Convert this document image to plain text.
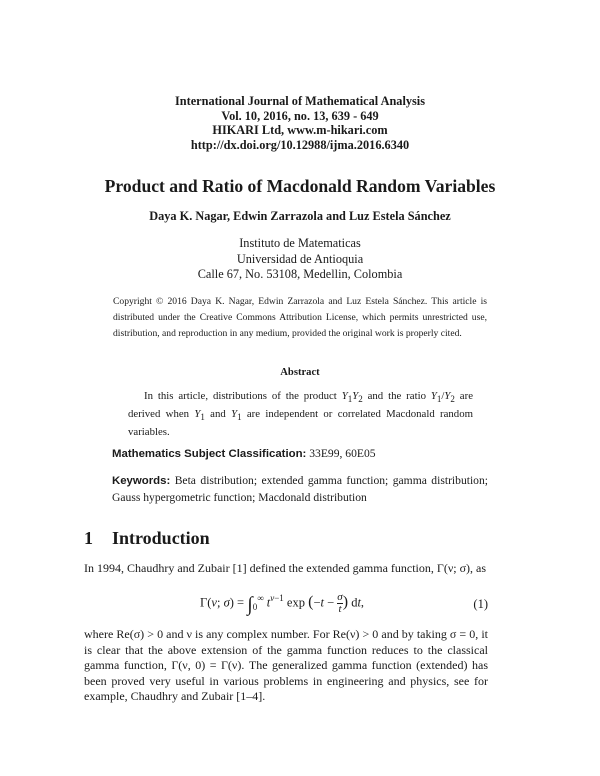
International Journal of Mathematical Analysis
Vol. 10, 2016, no. 13, 639 - 649
HIKARI Ltd, www.m-hikari.com
http://dx.doi.org/10.12988/ijma.2016.6340
Product and Ratio of Macdonald Random Variables
Daya K. Nagar, Edwin Zarrazola and Luz Estela Sánchez
Instituto de Matematicas
Universidad de Antioquia
Calle 67, No. 53108, Medellin, Colombia
Copyright © 2016 Daya K. Nagar, Edwin Zarrazola and Luz Estela Sánchez. This article is distributed under the Creative Commons Attribution License, which permits unrestricted use, distribution, and reproduction in any medium, provided the original work is properly cited.
Abstract
In this article, distributions of the product $Y_1Y_2$ and the ratio $Y_1/Y_2$ are derived when $Y_1$ and $Y_1$ are independent or correlated Macdonald random variables.
Mathematics Subject Classification: 33E99, 60E05
Keywords: Beta distribution; extended gamma function; gamma distribution; Gauss hypergometric function; Macdonald distribution
1 Introduction
In 1994, Chaudhry and Zubair [1] defined the extended gamma function, Γ(ν; σ), as
Γ(ν; $\sigma) = \int_0^\infty$ $t^{\nu-1}$ $\exp (-t - \frac{\sigma}{t}$ ) dt,	(1)
where Re(σ) > 0 and ν is any complex number. For Re(ν) > 0 and by taking σ = 0, it is clear that the above extension of the gamma function reduces to the classical gamma function, Γ(ν, 0) = Γ(ν). The generalized gamma function (extended) has been proved very useful in various problems in engineering and physics, see for example, Chaudhry and Zubair [1–4].
